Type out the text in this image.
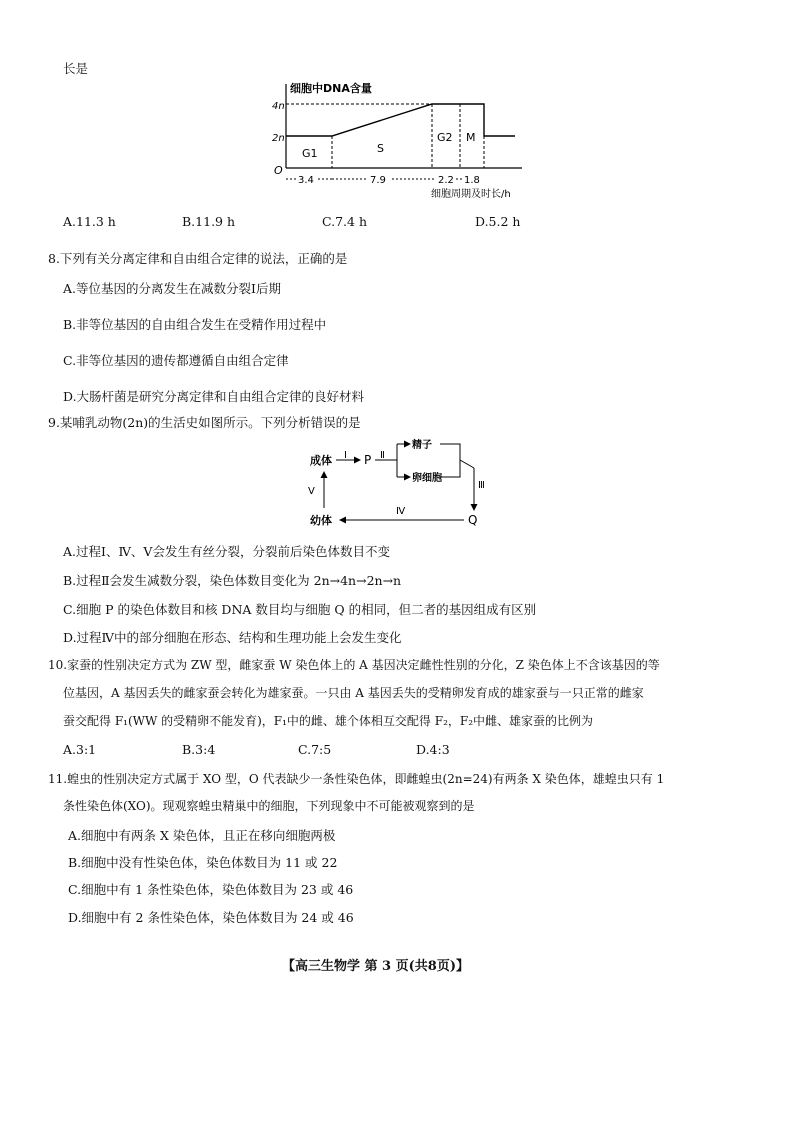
长是
细胞中DNA含量
4n
2n
O
G1	S
G2 M
3.4	7.9	2.2 1.8
细胞周期及时长/h
A.11.3 h	B.11.9 h	C.7.4 h	D.5.2 h
8.下列有关分离定律和自由组合定律的说法，正确的是
A.等位基因的分离发生在减数分裂Ⅰ后期
B.非等位基因的自由组合发生在受精作用过程中
C.非等位基因的遗传都遵循自由组合定律
D.大肠杆菌是研究分离定律和自由组合定律的良好材料
9.某哺乳动物(2n)的生活史如图所示。下列分析错误的是
成体 Ⅰ P Ⅱ
精子
卵细胞
Ⅲ
Q
Ⅳ
幼体
Ⅴ
A.过程Ⅰ、Ⅳ、Ⅴ会发生有丝分裂，分裂前后染色体数目不变
B.过程Ⅱ会发生减数分裂，染色体数目变化为 2n→4n→2n→n
C.细胞 P 的染色体数目和核 DNA 数目均与细胞 Q 的相同，但二者的基因组成有区别
D.过程Ⅳ中的部分细胞在形态、结构和生理功能上会发生变化
10.家蚕的性别决定方式为 ZW 型，雌家蚕 W 染色体上的 A 基因决定雌性性别的分化，Z 染色体上不含该基因的等
位基因，A 基因丢失的雌家蚕会转化为雄家蚕。一只由 A 基因丢失的受精卵发育成的雄家蚕与一只正常的雌家
蚕交配得 F₁(WW 的受精卵不能发育)，F₁中的雌、雄个体相互交配得 F₂，F₂中雌、雄家蚕的比例为
A.3:1	B.3:4	C.7:5	D.4:3
11.蝗虫的性别决定方式属于 XO 型，O 代表缺少一条性染色体，即雌蝗虫(2n=24)有两条 X 染色体，雄蝗虫只有 1
条性染色体(XO)。现观察蝗虫精巢中的细胞，下列现象中不可能被观察到的是
A.细胞中有两条 X 染色体，且正在移向细胞两极
B.细胞中没有性染色体，染色体数目为 11 或 22
C.细胞中有 1 条性染色体，染色体数目为 23 或 46
D.细胞中有 2 条性染色体，染色体数目为 24 或 46
【高三生物学 第 3 页(共8页)】
